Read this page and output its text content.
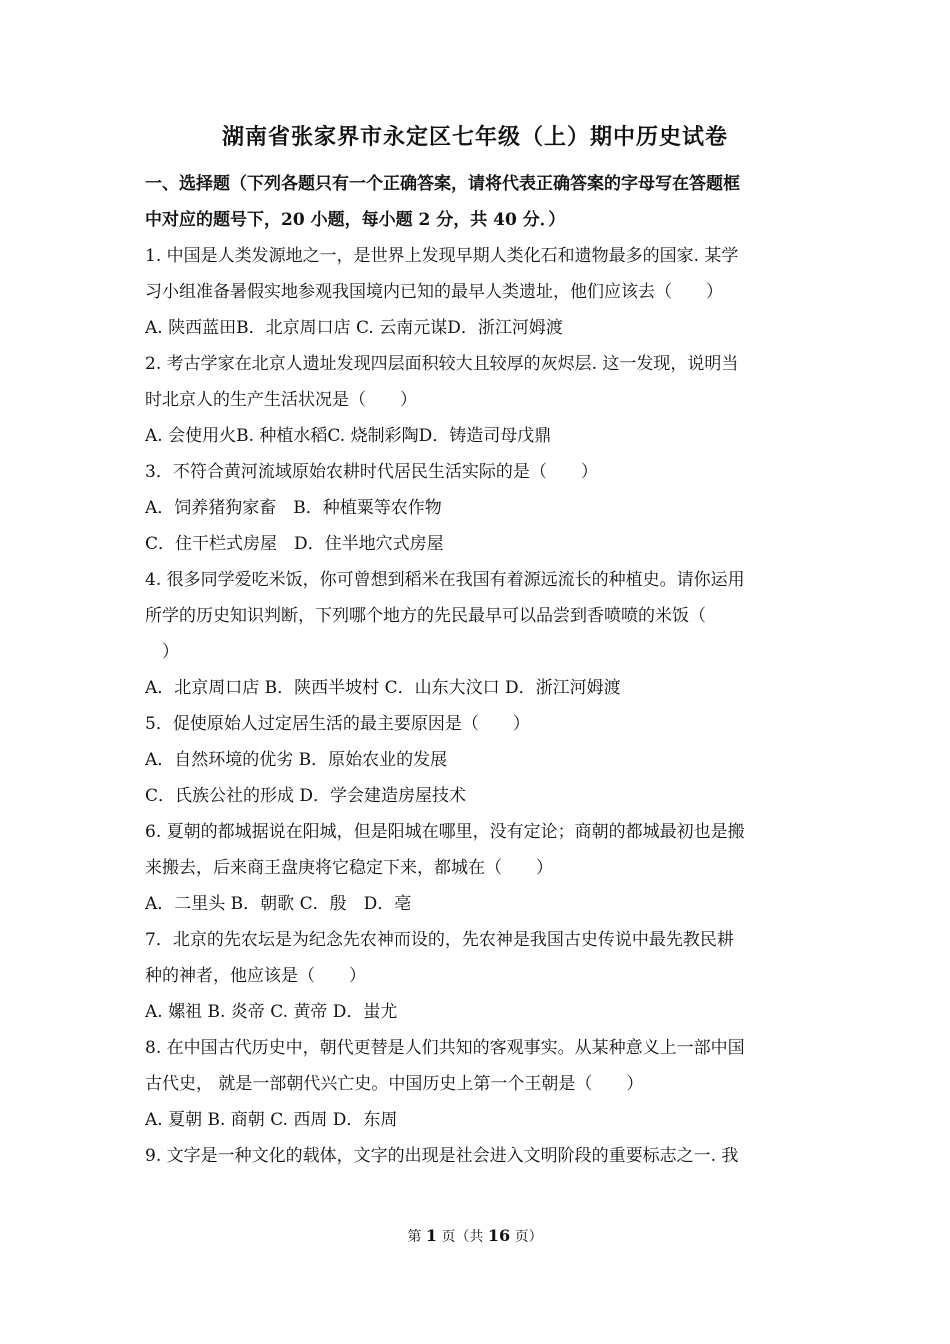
湖南省张家界市永定区七年级（上）期中历史试卷
一、选择题（下列各题只有一个正确答案，请将代表正确答案的字母写在答题框
中对应的题号下，20 小题，每小题 2 分，共 40 分．）
1. 中国是人类发源地之一，是世界上发现早期人类化石和遗物最多的国家. 某学
习小组准备暑假实地参观我国境内已知的最早人类遗址，他们应该去（　　）
A. 陕西蓝田B．北京周口店 C. 云南元谋D．浙江河姆渡
2. 考古学家在北京人遗址发现四层面积较大且较厚的灰烬层. 这一发现，说明当
时北京人的生产生活状况是（　　）
A. 会使用火B. 种植水稻C. 烧制彩陶D．铸造司母戊鼎
3．不符合黄河流域原始农耕时代居民生活实际的是（　　）
A．饲养猪狗家畜　B．种植粟等农作物
C．住干栏式房屋　D．住半地穴式房屋
4. 很多同学爱吃米饭，你可曾想到稻米在我国有着源远流长的种植史。请你运用
所学的历史知识判断，下列哪个地方的先民最早可以品尝到香喷喷的米饭（
　）
A．北京周口店 B．陕西半坡村 C．山东大汶口 D．浙江河姆渡
5．促使原始人过定居生活的最主要原因是（　　）
A．自然环境的优劣 B．原始农业的发展
C．氏族公社的形成 D．学会建造房屋技术
6. 夏朝的都城据说在阳城，但是阳城在哪里，没有定论；商朝的都城最初也是搬
来搬去，后来商王盘庚将它稳定下来，都城在（　　）
A．二里头 B．朝歌 C．殷　D．亳
7．北京的先农坛是为纪念先农神而设的，先农神是我国古史传说中最先教民耕
种的神者，他应该是（　　）
A. 嫘祖 B. 炎帝 C. 黄帝 D．蚩尤
8. 在中国古代历史中，朝代更替是人们共知的客观事实。从某种意义上一部中国
古代史， 就是一部朝代兴亡史。中国历史上第一个王朝是（　　）
A. 夏朝 B. 商朝 C. 西周 D．东周
9. 文字是一种文化的载体，文字的出现是社会进入文明阶段的重要标志之一. 我
第 1 页（共 16 页）
